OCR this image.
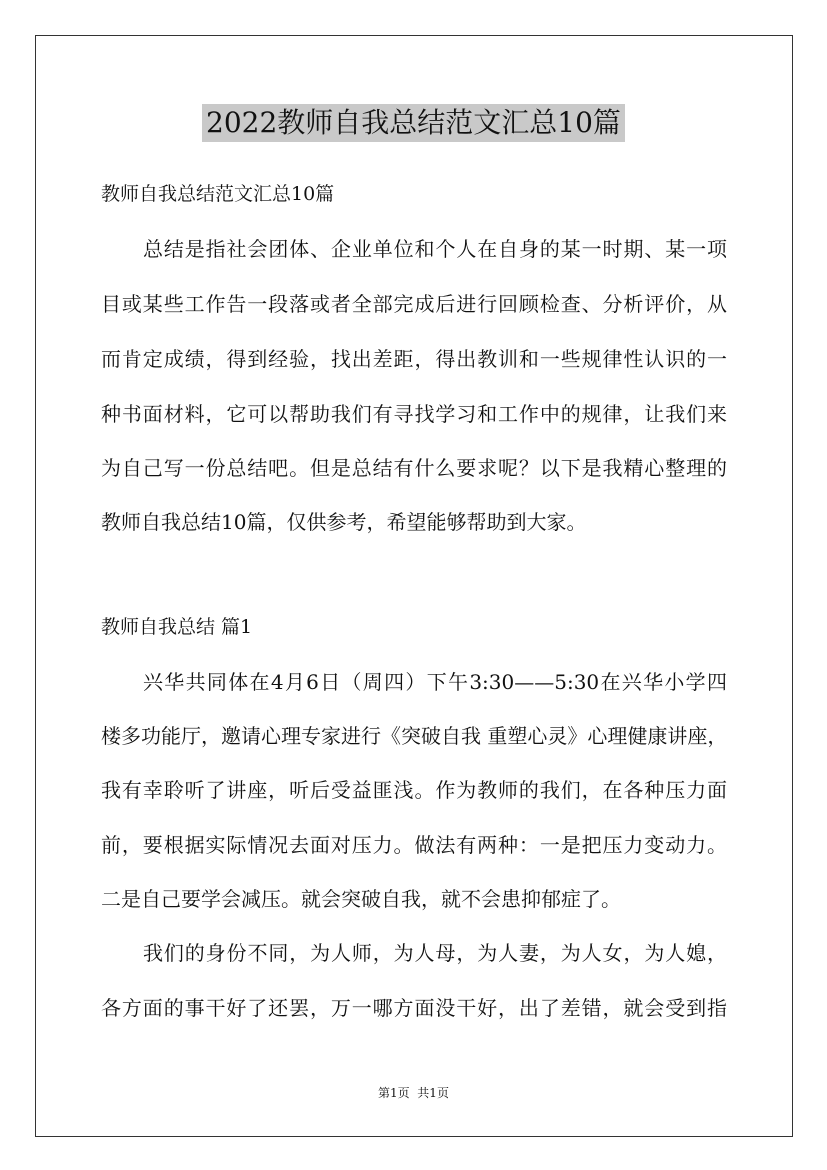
2022教师自我总结范文汇总10篇
教师自我总结范文汇总10篇
总结是指社会团体、企业单位和个人在自身的某一时期、某一项
目或某些工作告一段落或者全部完成后进行回顾检查、分析评价，从
而肯定成绩，得到经验，找出差距，得出教训和一些规律性认识的一
种书面材料，它可以帮助我们有寻找学习和工作中的规律，让我们来
为自己写一份总结吧。但是总结有什么要求呢？以下是我精心整理的
教师自我总结10篇，仅供参考，希望能够帮助到大家。
教师自我总结 篇1
兴华共同体在4月6日（周四）下午3:30——5:30在兴华小学四
楼多功能厅，邀请心理专家进行《突破自我 重塑心灵》心理健康讲座，
我有幸聆听了讲座，听后受益匪浅。作为教师的我们，在各种压力面
前，要根据实际情况去面对压力。做法有两种：一是把压力变动力。
二是自己要学会减压。就会突破自我，就不会患抑郁症了。
我们的身份不同，为人师，为人母，为人妻，为人女，为人媳，
各方面的事干好了还罢，万一哪方面没干好，出了差错，就会受到指
第1页  共1页
